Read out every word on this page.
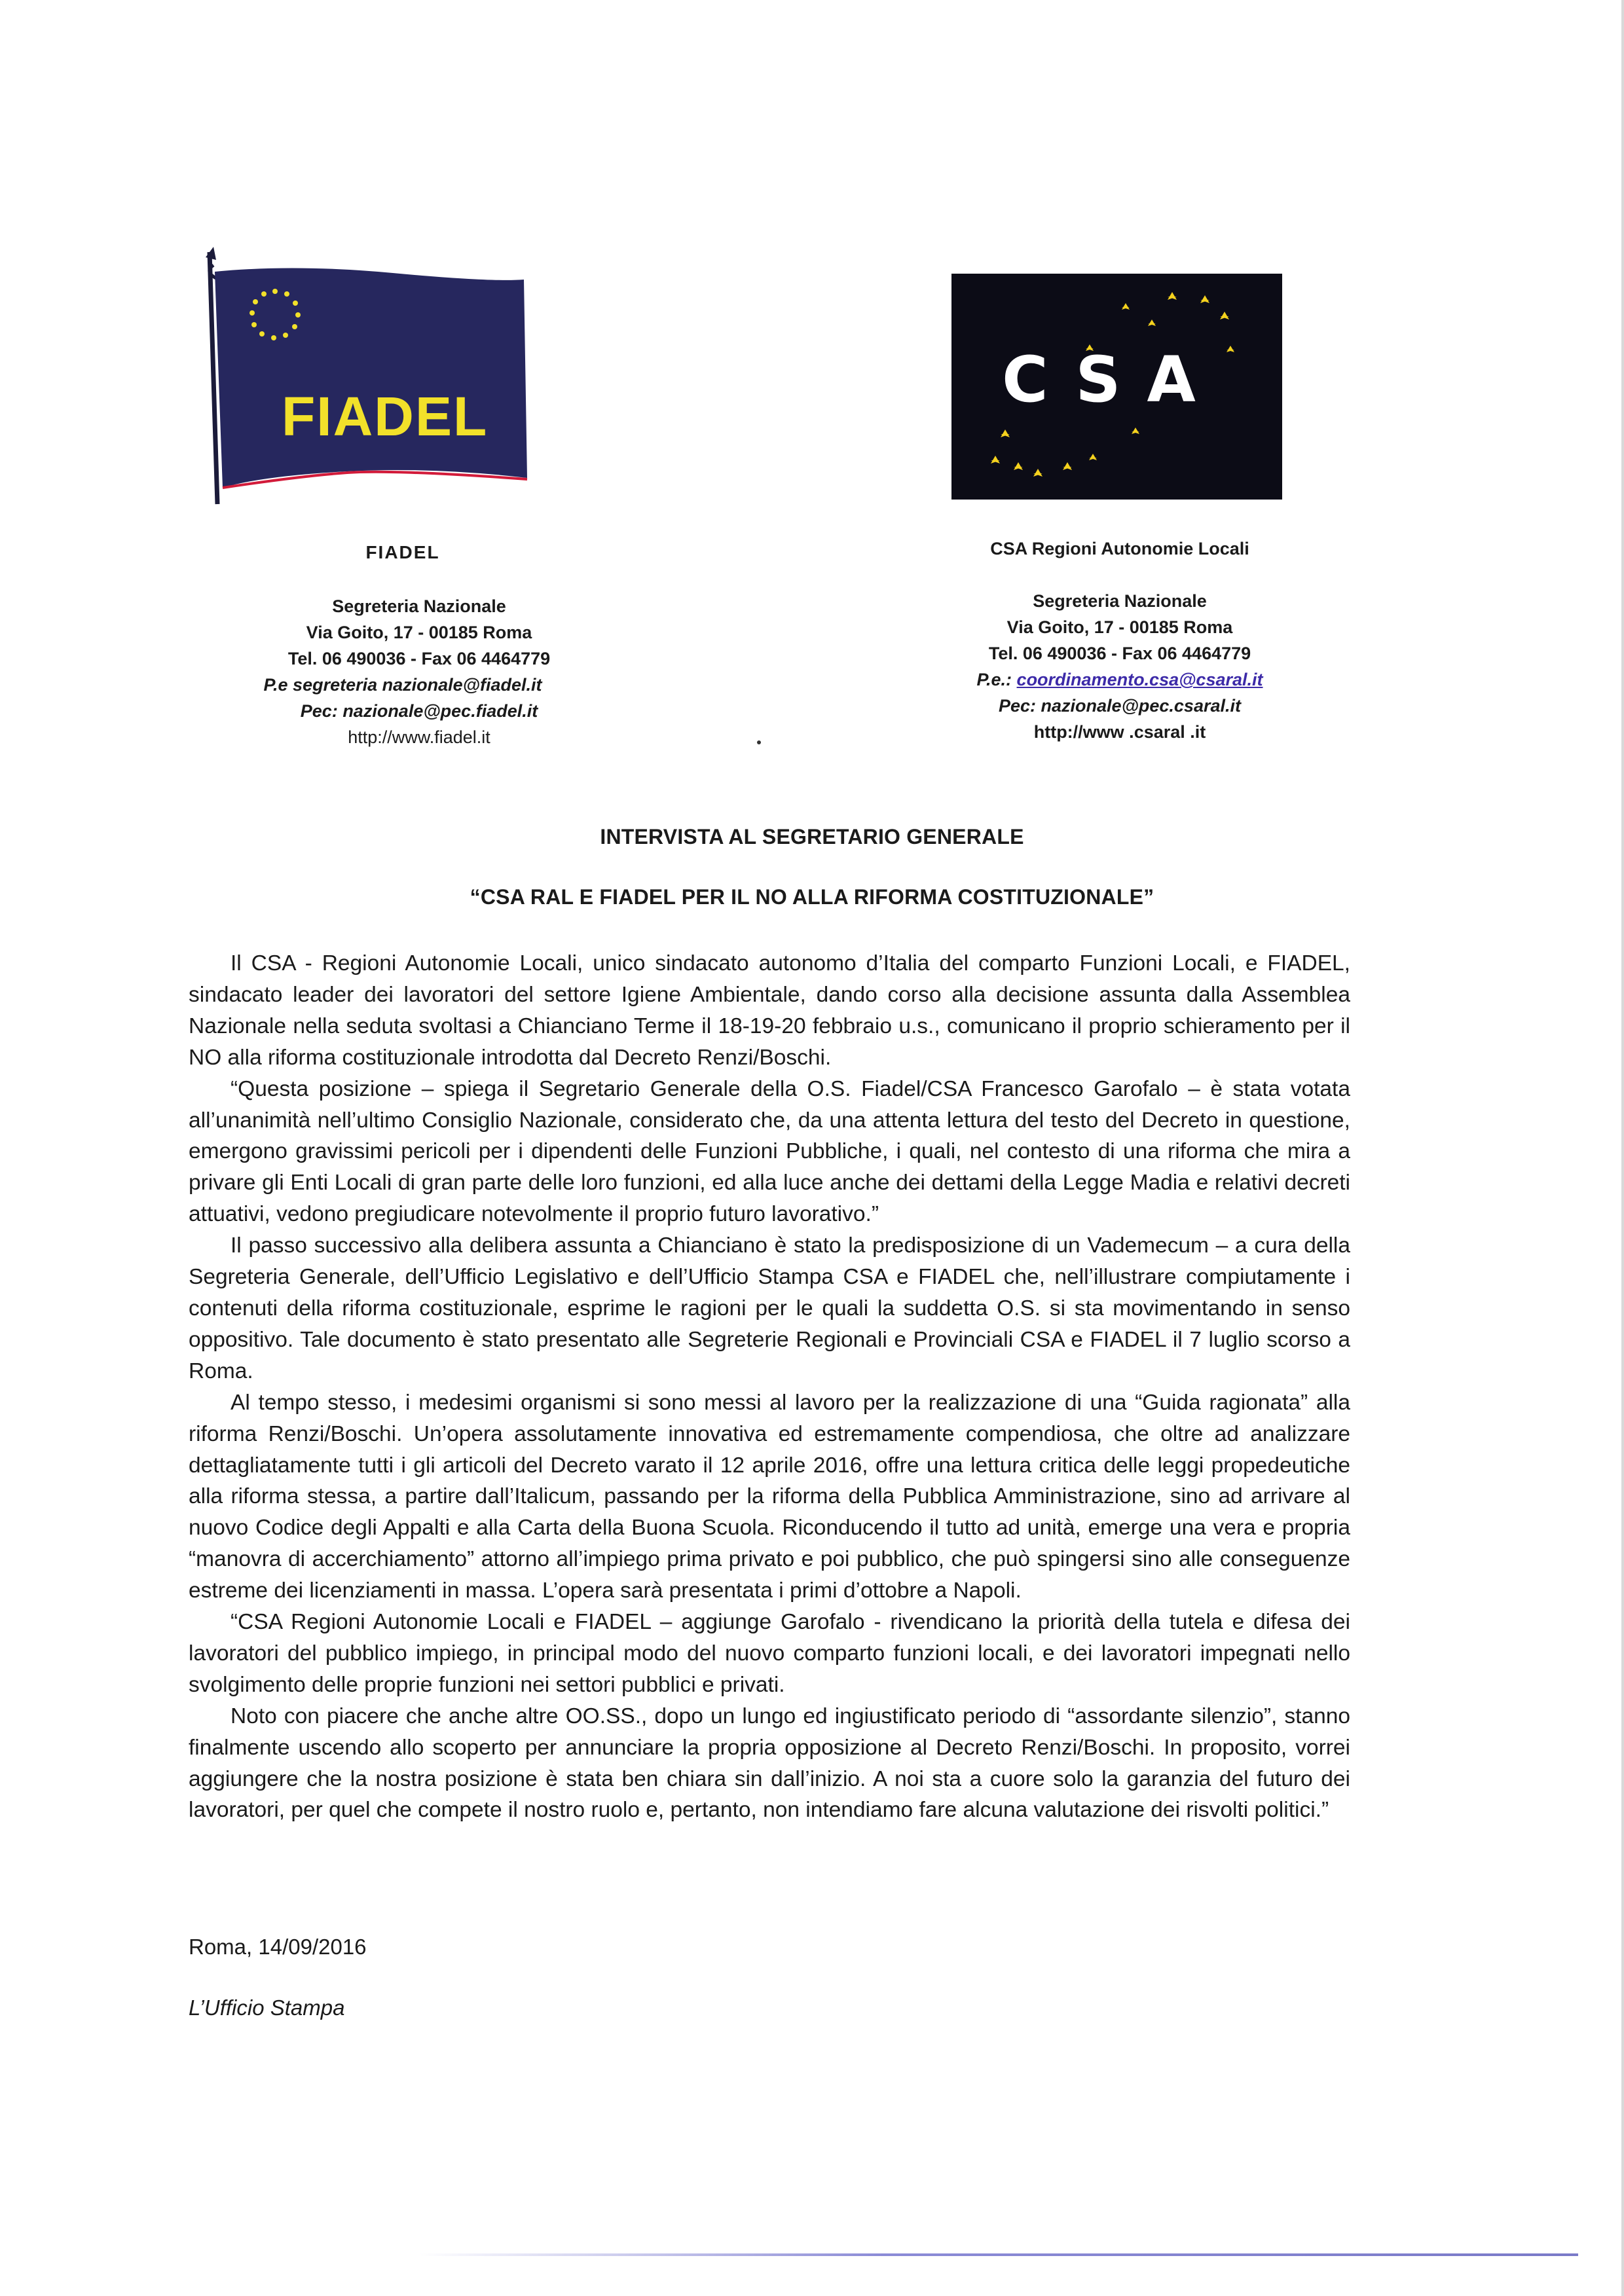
FIADEL	CSA
FIADEL
Segreteria Nazionale
Via Goito, 17 - 00185 Roma
Tel. 06 490036 - Fax 06 4464779
P.e segreteria nazionale@fiadel.it
Pec: nazionale@pec.fiadel.it
http://www.fiadel.it
CSA Regioni Autonomie Locali
Segreteria Nazionale
Via Goito, 17 - 00185 Roma
Tel. 06 490036 - Fax 06 4464779
P.e.: coordinamento.csa@csaral.it
Pec: nazionale@pec.csaral.it
http://www .csaral .it
INTERVISTA AL SEGRETARIO GENERALE
“CSA RAL E FIADEL PER IL NO ALLA RIFORMA COSTITUZIONALE”

Il CSA - Regioni Autonomie Locali, unico sindacato autonomo d’Italia del comparto Funzioni Locali, e FIADEL, sindacato leader dei lavoratori del settore Igiene Ambientale, dando corso alla decisione assunta dalla Assemblea Nazionale nella seduta svoltasi a Chianciano Terme il 18-19-20 febbraio u.s., comunicano il proprio schieramento per il NO alla riforma costituzionale introdotta dal Decreto Renzi/Boschi.

“Questa posizione – spiega il Segretario Generale della O.S. Fiadel/CSA Francesco Garofalo – è stata votata all’unanimità nell’ultimo Consiglio Nazionale, considerato che, da una attenta lettura del testo del Decreto in questione, emergono gravissimi pericoli per i dipendenti delle Funzioni Pubbliche, i quali, nel contesto di una riforma che mira a privare gli Enti Locali di gran parte delle loro funzioni, ed alla luce anche dei dettami della Legge Madia e relativi decreti attuativi, vedono pregiudicare notevolmente il proprio futuro lavorativo.”

Il passo successivo alla delibera assunta a Chianciano è stato la predisposizione di un Vademecum – a cura della Segreteria Generale, dell’Ufficio Legislativo e dell’Ufficio Stampa CSA e FIADEL che, nell’illustrare compiutamente i contenuti della riforma costituzionale, esprime le ragioni per le quali la suddetta O.S. si sta movimentando in senso oppositivo. Tale documento è stato presentato alle Segreterie Regionali e Provinciali CSA e FIADEL il 7 luglio scorso a Roma.

Al tempo stesso, i medesimi organismi si sono messi al lavoro per la realizzazione di una “Guida ragionata” alla riforma Renzi/Boschi. Un’opera assolutamente innovativa ed estremamente compendiosa, che oltre ad analizzare dettagliatamente tutti i gli articoli del Decreto varato il 12 aprile 2016, offre una lettura critica delle leggi propedeutiche alla riforma stessa, a partire dall’Italicum, passando per la riforma della Pubblica Amministrazione, sino ad arrivare al nuovo Codice degli Appalti e alla Carta della Buona Scuola. Riconducendo il tutto ad unità, emerge una vera e propria “manovra di accerchiamento” attorno all’impiego prima privato e poi pubblico, che può spingersi sino alle conseguenze estreme dei licenziamenti in massa. L’opera sarà presentata i primi d’ottobre a Napoli.

“CSA Regioni Autonomie Locali e FIADEL – aggiunge Garofalo - rivendicano la priorità della tutela e difesa dei lavoratori del pubblico impiego, in principal modo del nuovo comparto funzioni locali, e dei lavoratori impegnati nello svolgimento delle proprie funzioni nei settori pubblici e privati.

Noto con piacere che anche altre OO.SS., dopo un lungo ed ingiustificato periodo di “assordante silenzio”, stanno finalmente uscendo allo scoperto per annunciare la propria opposizione al Decreto Renzi/Boschi. In proposito, vorrei aggiungere che la nostra posizione è stata ben chiara sin dall’inizio. A noi sta a cuore solo la garanzia del futuro dei lavoratori, per quel che compete il nostro ruolo e, pertanto, non intendiamo fare alcuna valutazione dei risvolti politici.”

Roma, 14/09/2016
L’Ufficio Stampa
